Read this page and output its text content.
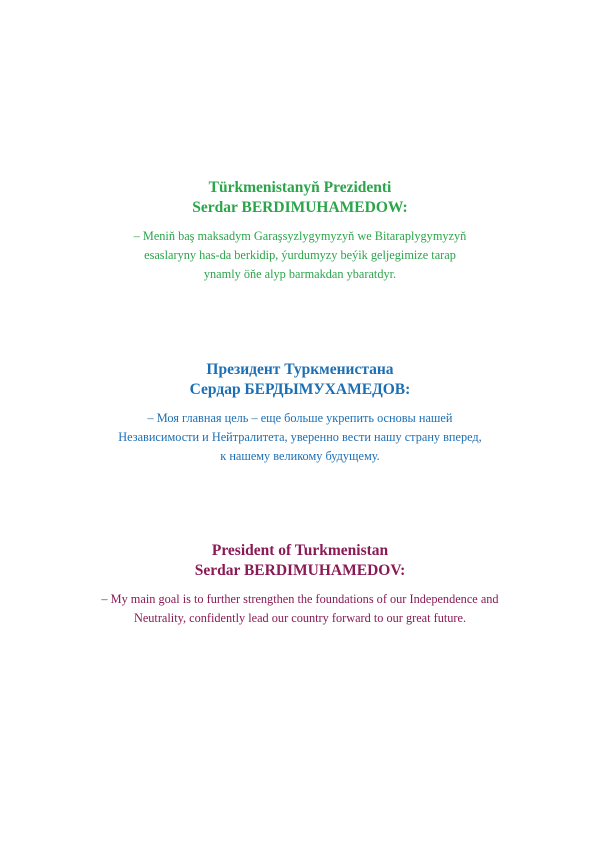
Türkmenistanyň Prezidenti
Serdar BERDIMUHAMEDOW:
– Meniň baş maksadym Garaşsyzlygymyzyň we Bitaraplygymyzyň
esaslaryny has-da berkidip, ýurdumyzy beýik geljegimize tarap
ynamly öňe alyp barmakdan ybaratdyr.
Президент Туркменистана
Сердар БЕРДЫМУХАМЕДОВ:
– Моя главная цель – еще больше укрепить основы нашей
Независимости и Нейтралитета, уверенно вести нашу страну вперед,
к нашему великому будущему.
President of Turkmenistan
Serdar BERDIMUHAMEDOV:
– My main goal is to further strengthen the foundations of our Independence and
Neutrality, confidently lead our country forward to our great future.
